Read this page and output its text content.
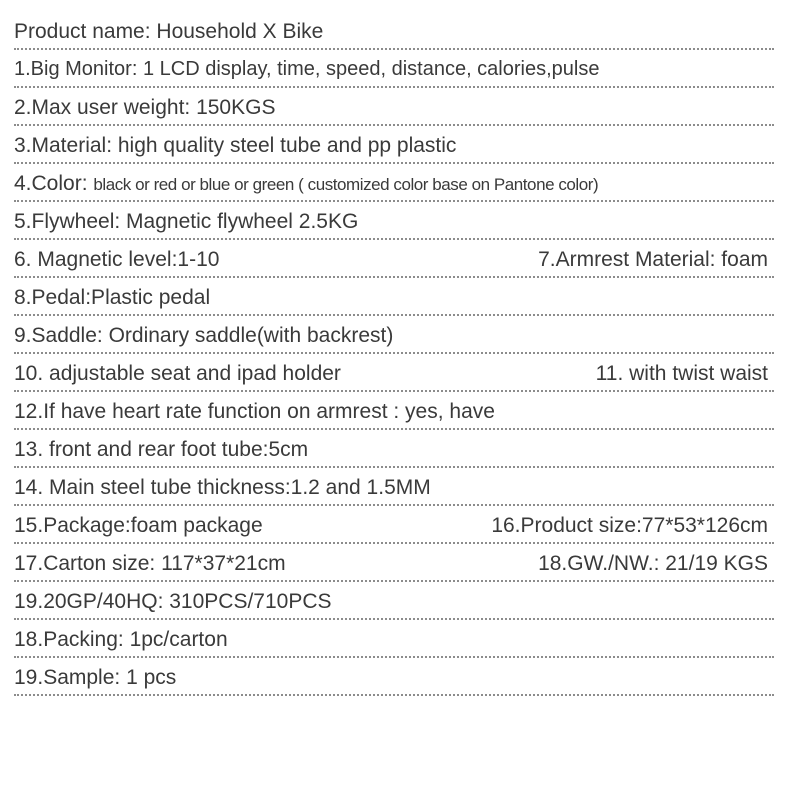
Product name: Household X Bike
1.Big Monitor: 1 LCD display, time, speed, distance, calories,pulse
2.Max user weight: 150KGS
3.Material: high quality steel tube and pp plastic
4.Color: black or red or blue or green ( customized color base on Pantone color)
5.Flywheel: Magnetic flywheel 2.5KG
6. Magnetic level:1-10	7.Armrest Material: foam
8.Pedal:Plastic pedal
9.Saddle: Ordinary saddle(with backrest)
10. adjustable seat and ipad holder	11. with twist waist
12.If have heart rate function on armrest : yes, have
13. front and rear foot tube:5cm
14. Main steel tube thickness:1.2 and 1.5MM
15.Package:foam package	16.Product size:77*53*126cm
17.Carton size: 117*37*21cm	18.GW./NW.: 21/19 KGS
19.20GP/40HQ: 310PCS/710PCS
18.Packing: 1pc/carton
19.Sample: 1 pcs
